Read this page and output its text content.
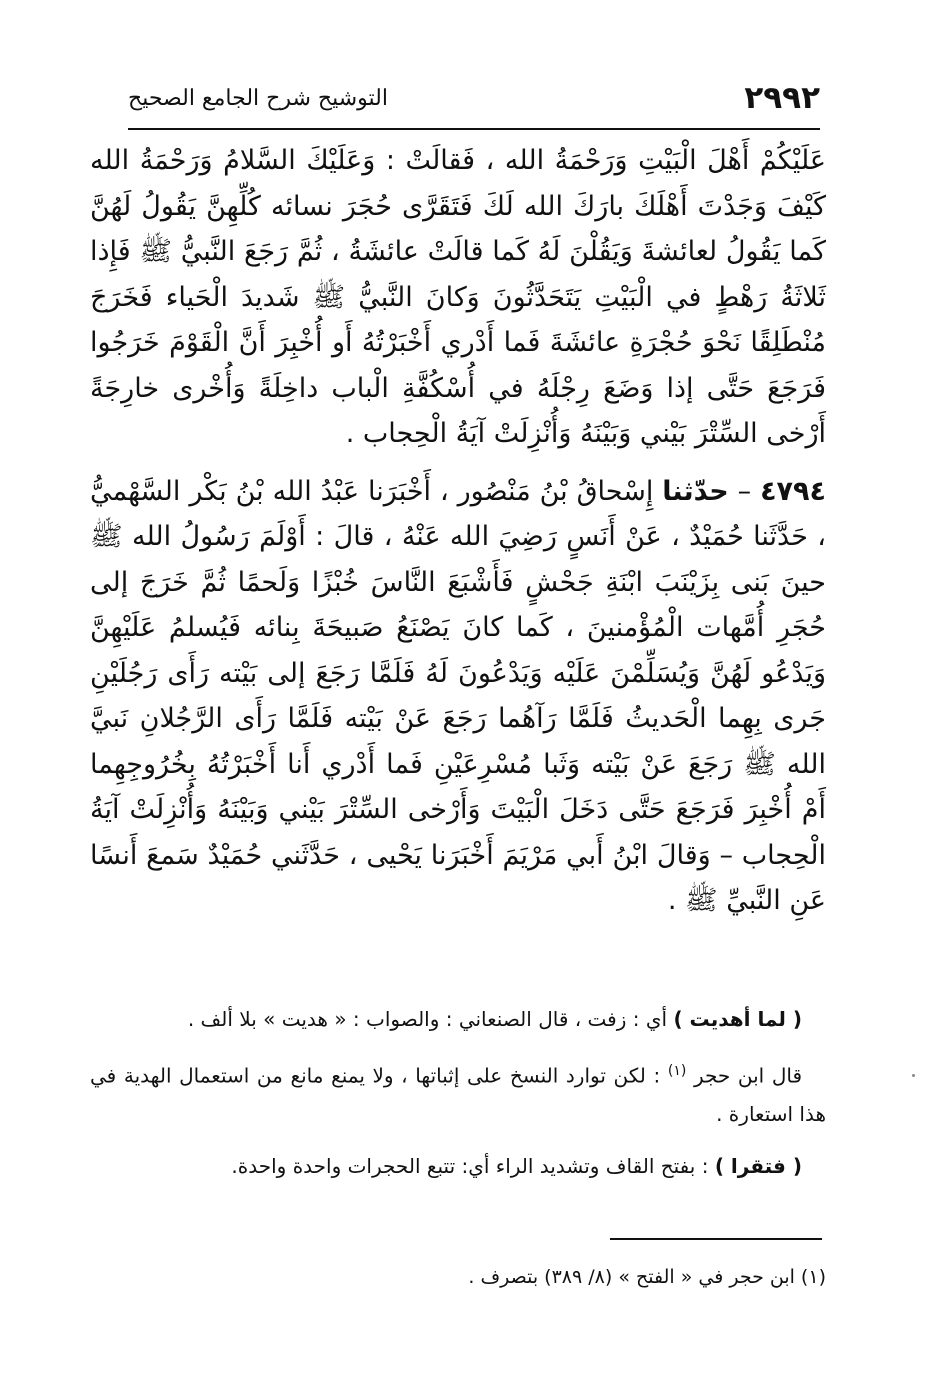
٢٩٩٢
التوشيح شرح الجامع الصحيح

عَلَيْكُمْ أَهْلَ الْبَيْتِ وَرَحْمَةُ الله ، فَقالَتْ : وَعَلَيْكَ السَّلامُ وَرَحْمَةُ الله كَيْفَ وَجَدْتَ أَهْلَكَ بارَكَ الله لَكَ فَتَقَرَّى حُجَرَ نسائه كُلِّهِنَّ يَقُولُ لَهُنَّ كَما يَقُولُ لعائشةَ وَيَقُلْنَ لَهُ كَما قالَتْ عائشَةُ ، ثُمَّ رَجَعَ النَّبيُّ ﷺ فَإِذا ثَلاثَةُ رَهْطٍ في الْبَيْتِ يَتَحَدَّثُونَ وَكانَ النَّبيُّ ﷺ شَديدَ الْحَياء فَخَرَجَ مُنْطَلِقًا نَحْوَ حُجْرَةِ عائشَةَ فَما أَدْري أَخْبَرْتُهُ أَو أُخْبِرَ أَنَّ الْقَوْمَ خَرَجُوا فَرَجَعَ حَتَّى إذا وَضَعَ رِجْلَهُ في أُسْكُفَّةِ الْباب داخِلَةً وَأُخْرى خارِجَةً أَرْخى السِّتْرَ بَيْني وَبَيْنَهُ وَأُنْزِلَتْ آيَةُ الْحِجاب .

٤٧٩٤ – حدّثنا إِسْحاقُ بْنُ مَنْصُور ، أَخْبَرَنا عَبْدُ الله بْنُ بَكْر السَّهْميُّ ، حَدَّثَنا حُمَيْدٌ ، عَنْ أَنَسٍ رَضِيَ الله عَنْهُ ، قالَ : أَوْلَمَ رَسُولُ الله ﷺ حينَ بَنى بِزَيْنَبَ ابْنَةِ جَحْشٍ فَأَشْبَعَ النَّاسَ خُبْزًا وَلَحمًا ثُمَّ خَرَجَ إلى حُجَرِ أُمَّهات الْمُؤْمنينَ ، كَما كانَ يَصْنَعُ صَبيحَةَ بِنائه فَيُسلمُ عَلَيْهِنَّ وَيَدْعُو لَهُنَّ وَيُسَلِّمْنَ عَلَيْه وَيَدْعُونَ لَهُ فَلَمَّا رَجَعَ إلى بَيْته رَأَى رَجُلَيْنِ جَرى بِهِما الْحَديثُ فَلَمَّا رَآهُما رَجَعَ عَنْ بَيْته فَلَمَّا رَأَى الرَّجُلانِ نَبيَّ الله ﷺ رَجَعَ عَنْ بَيْته وَثَبا مُسْرِعَيْنِ فَما أَدْري أَنا أَخْبَرْتُهُ بِخُرُوجِهِما أَمْ أُخْبِرَ فَرَجَعَ حَتَّى دَخَلَ الْبَيْتَ وَأَرْخى السِّتْرَ بَيْني وَبَيْنَهُ وَأُنْزِلَتْ آيَةُ الْحِجاب – وَقالَ ابْنُ أَبي مَرْيَمَ أَخْبَرَنا يَحْيى ، حَدَّثَني حُمَيْدٌ سَمعَ أَنسًا عَنِ النَّبيِّ ﷺ .

( لما أهديت ) أي : زفت ، قال الصنعاني : والصواب : « هديت » بلا ألف .

قال ابن حجر $^{(١)}$ : لكن توارد النسخ على إثباتها ، ولا يمنع مانع من استعمال الهدية في هذا استعارة .

( فتقرا ) : بفتح القاف وتشديد الراء أي: تتبع الحجرات واحدة واحدة.

(١) ابن حجر في « الفتح » (٨/ ٣٨٩) بتصرف .
